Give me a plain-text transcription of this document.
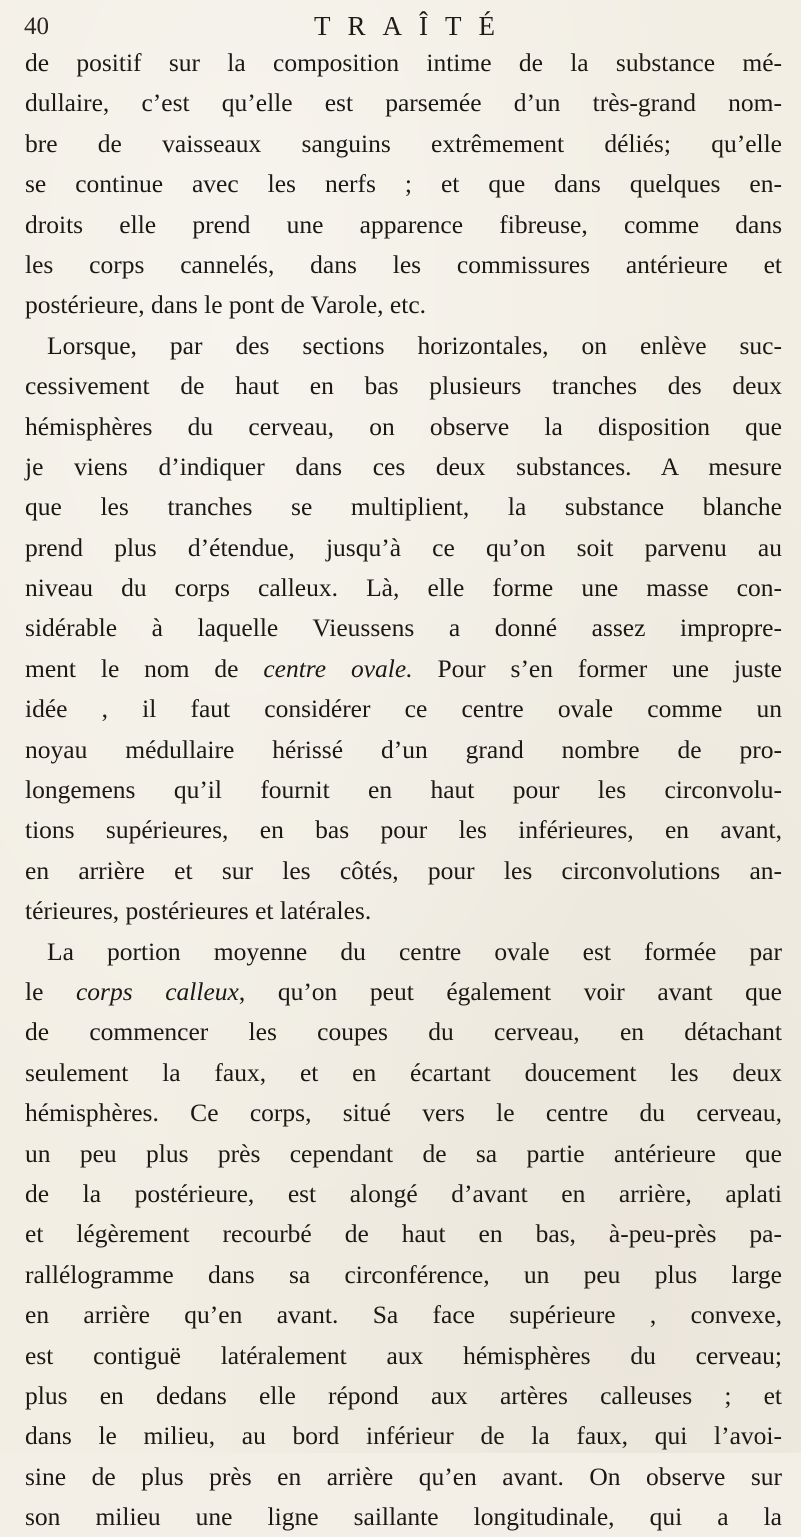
40	TRAÎTÉ
de positif sur la composition intime de la substance mé-
dullaire, c’est qu’elle est parsemée d’un très-grand nom-
bre de vaisseaux sanguins extrêmement déliés; qu’elle
se continue avec les nerfs ; et que dans quelques en-
droits elle prend une apparence fibreuse, comme dans
les corps cannelés, dans les commissures antérieure et
postérieure, dans le pont de Varole, etc.
Lorsque, par des sections horizontales, on enlève suc-
cessivement de haut en bas plusieurs tranches des deux
hémisphères du cerveau, on observe la disposition que
je viens d’indiquer dans ces deux substances. A mesure
que les tranches se multiplient, la substance blanche
prend plus d’étendue, jusqu’à ce qu’on soit parvenu au
niveau du corps calleux. Là, elle forme une masse con-
sidérable à laquelle Vieussens a donné assez impropre-
ment le nom de centre ovale. Pour s’en former une juste
idée , il faut considérer ce centre ovale comme un
noyau médullaire hérissé d’un grand nombre de pro-
longemens qu’il fournit en haut pour les circonvolu-
tions supérieures, en bas pour les inférieures, en avant,
en arrière et sur les côtés, pour les circonvolutions an-
térieures, postérieures et latérales.
La portion moyenne du centre ovale est formée par
le corps calleux, qu’on peut également voir avant que
de commencer les coupes du cerveau, en détachant
seulement la faux, et en écartant doucement les deux
hémisphères. Ce corps, situé vers le centre du cerveau,
un peu plus près cependant de sa partie antérieure que
de la postérieure, est alongé d’avant en arrière, aplati
et légèrement recourbé de haut en bas, à-peu-près pa-
rallélogramme dans sa circonférence, un peu plus large
en arrière qu’en avant. Sa face supérieure , convexe,
est contiguë latéralement aux hémisphères du cerveau;
plus en dedans elle répond aux artères calleuses ; et
dans le milieu, au bord inférieur de la faux, qui l’avoi-
sine de plus près en arrière qu’en avant. On observe sur
son milieu une ligne saillante longitudinale, qui a la
